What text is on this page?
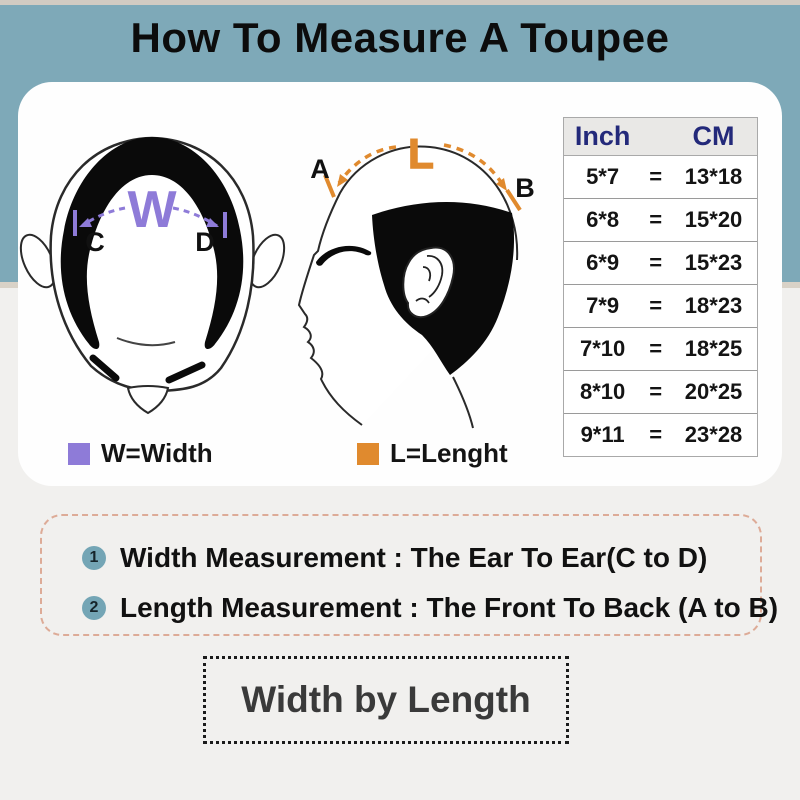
How To Measure A Toupee
W
C	D
L
A
B
Inch	CM
5*7	=	13*18
6*8	=	15*20
6*9	=	15*23
7*9	=	18*23
7*10	=	18*25
8*10	=	20*25
9*11	=	23*28
W=Width	L=Lenght
1 Width Measurement : The Ear To Ear(C to D)
2 Length Measurement : The Front To Back (A to B)
Width by Length
